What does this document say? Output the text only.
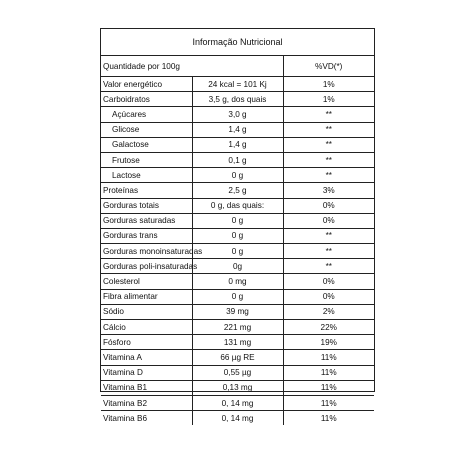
Informação Nutricional
Quantidade por 100g		%VD(*)
Valor energético	24 kcal = 101 Kj	1%
Carboidratos	3,5 g, dos quais	1%
Açúcares	3,0 g	**
Glicose	1,4 g	**
Galactose	1,4 g	**
Frutose	0,1 g	**
Lactose	0 g	**
Proteínas	2,5 g	3%
Gorduras totais	0 g, das quais:	0%
Gorduras saturadas	0 g	0%
Gorduras trans	0 g	**
Gorduras monoinsaturadas	0 g	**
Gorduras poli-insaturadas	0g	**
Colesterol	0 mg	0%
Fibra alimentar	0 g	0%
Sódio	39 mg	2%
Cálcio	221 mg	22%
Fósforo	131 mg	19%
Vitamina A	66 µg RE	11%
Vitamina D	0,55 µg	11%
Vitamina B1	0,13 mg	11%
Vitamina B2	0, 14 mg	11%
Vitamina B6	0, 14 mg	11%
